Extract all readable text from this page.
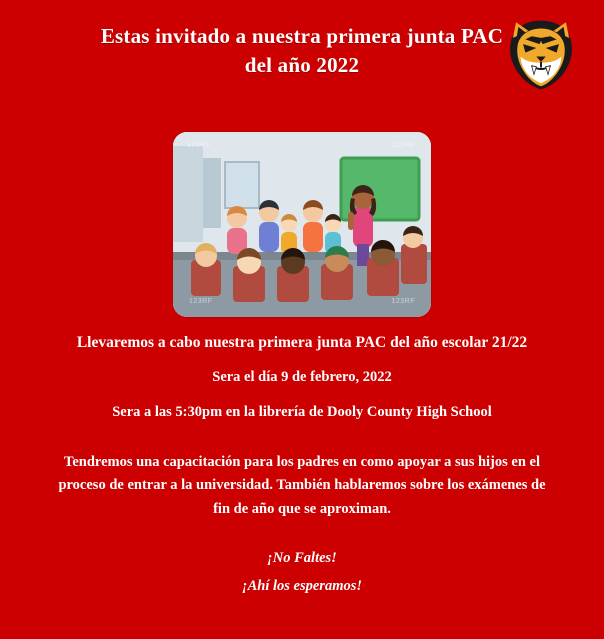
Estas invitado a nuestra primera junta PAC del año 2022
123RF	123RF
123RF	123RF

Llevaremos a cabo nuestra primera junta PAC del año escolar 21/22

Sera el día 9 de febrero, 2022

Sera a las 5:30pm en la librería de Dooly County High School

Tendremos una capacitación para los padres en como apoyar a sus hijos en el proceso de entrar a la universidad. También hablaremos sobre los exámenes de fin de año que se aproximan.
¡No Faltes!
¡Ahí los esperamos!
